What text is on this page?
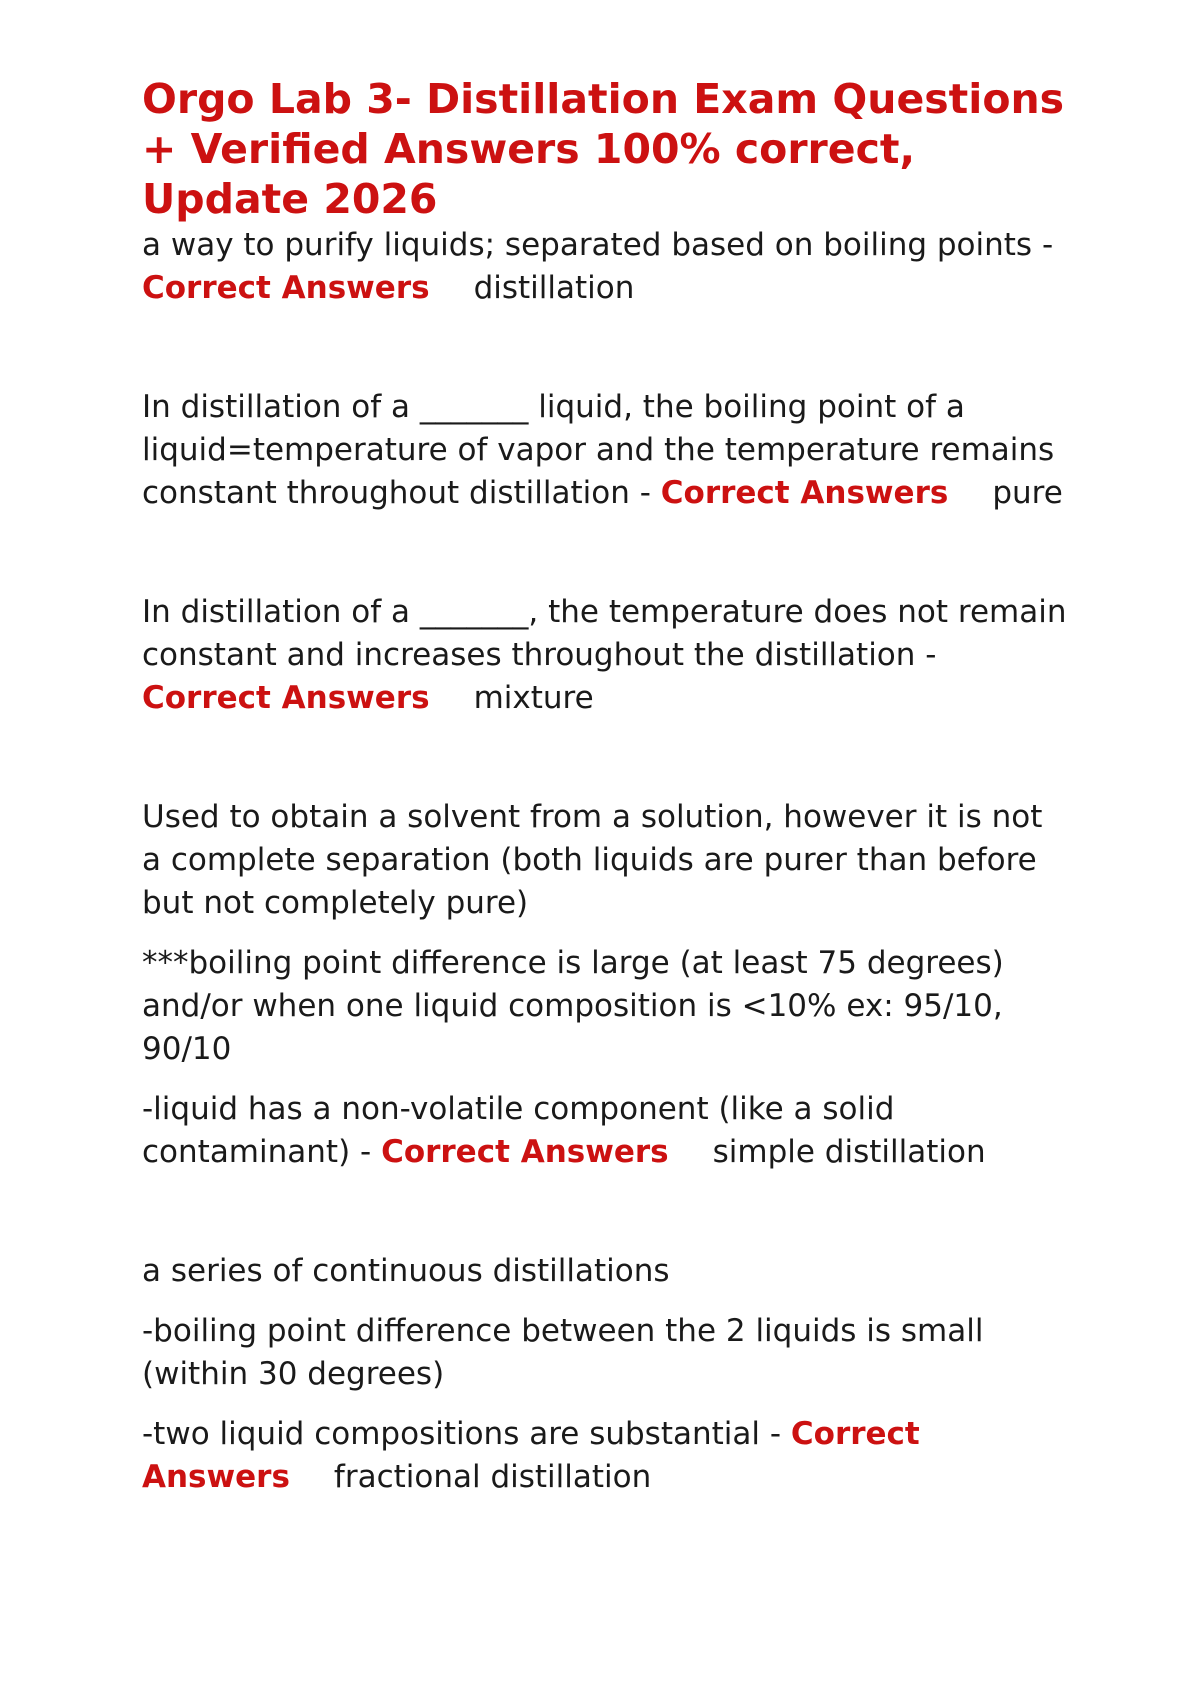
Orgo Lab 3- Distillation Exam Questions + Verified Answers 100% correct, Update 2026

a way to purify liquids; separated based on boiling points - Correct Answers distillation

In distillation of a _______ liquid, the boiling point of a liquid=temperature of vapor and the temperature remains constant throughout distillation - Correct Answers pure

In distillation of a _______, the temperature does not remain constant and increases throughout the distillation - Correct Answers mixture

Used to obtain a solvent from a solution, however it is not a complete separation (both liquids are purer than before but not completely pure)

***boiling point difference is large (at least 75 degrees) and/or when one liquid composition is <10% ex: 95/10, 90/10

-liquid has a non-volatile component (like a solid contaminant) - Correct Answers simple distillation

a series of continuous distillations

-boiling point difference between the 2 liquids is small (within 30 degrees)

-two liquid compositions are substantial - Correct Answers fractional distillation
